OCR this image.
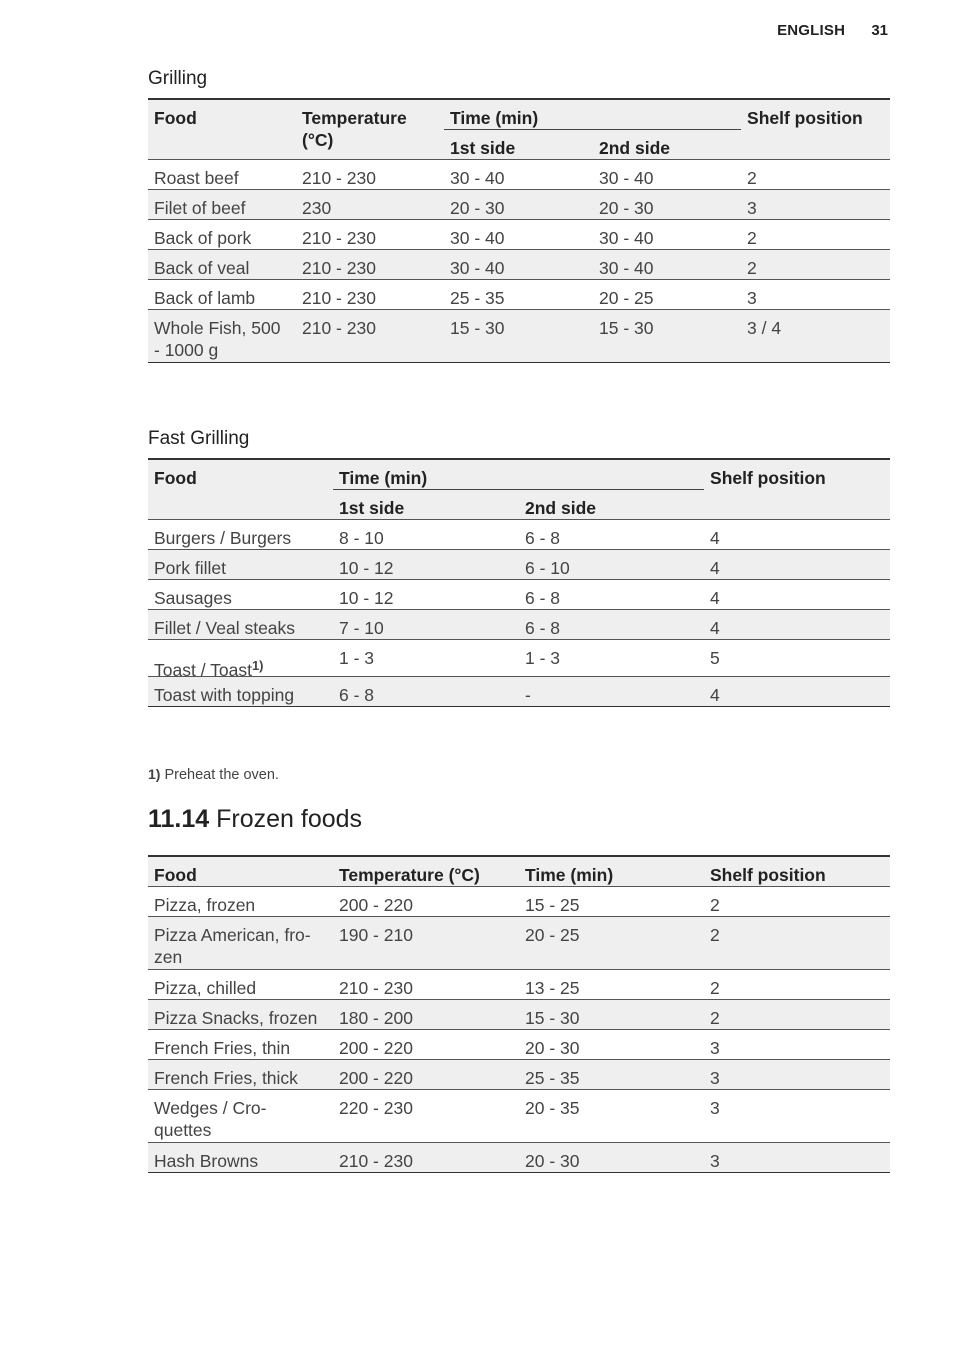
ENGLISH 31
Grilling
Food	Temperature (°C)	Time (min)		Shelf position
		1st side	2nd side	
Roast beef	210 - 230	30 - 40	30 - 40	2
Filet of beef	230	20 - 30	20 - 30	3
Back of pork	210 - 230	30 - 40	30 - 40	2
Back of veal	210 - 230	30 - 40	30 - 40	2
Back of lamb	210 - 230	25 - 35	20 - 25	3
Whole Fish, 500 - 1000 g	210 - 230	15 - 30	15 - 30	3 / 4
Fast Grilling
Food	Time (min)		Shelf position
	1st side	2nd side	
Burgers / Burgers	8 - 10	6 - 8	4
Pork fillet	10 - 12	6 - 10	4
Sausages	10 - 12	6 - 8	4
Fillet / Veal steaks	7 - 10	6 - 8	4
Toast / Toast$^{1)}$	1 - 3	1 - 3	5
Toast with topping	6 - 8	-	4
1) Preheat the oven.
11.14 Frozen foods
Food	Temperature (°C)	Time (min)	Shelf position
Pizza, frozen	200 - 220	15 - 25	2
Pizza American, fro-zen	190 - 210	20 - 25	2
Pizza, chilled	210 - 230	13 - 25	2
Pizza Snacks, frozen	180 - 200	15 - 30	2
French Fries, thin	200 - 220	20 - 30	3
French Fries, thick	200 - 220	25 - 35	3
Wedges / Cro-quettes	220 - 230	20 - 35	3
Hash Browns	210 - 230	20 - 30	3
